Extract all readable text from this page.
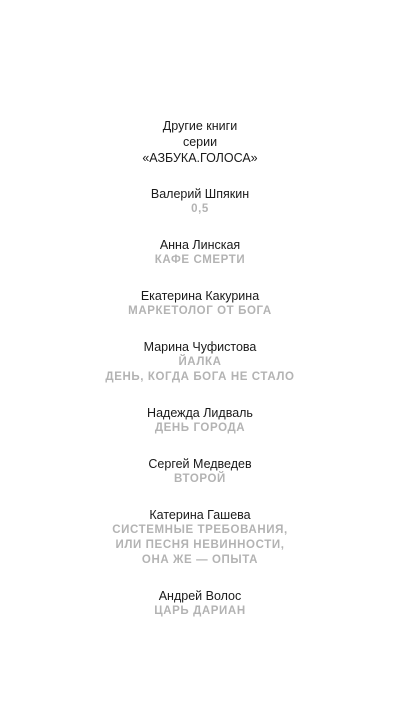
Другие книги
серии
«АЗБУКА.ГОЛОСА»
Валерий Шпякин
0,5
Анна Линская
КАФЕ СМЕРТИ
Екатерина Какурина
МАРКЕТОЛОГ ОТ БОГА
Марина Чуфистова
ЙАЛКА
ДЕНЬ, КОГДА БОГА НЕ СТАЛО
Надежда Лидваль
ДЕНЬ ГОРОДА
Сергей Медведев
ВТОРОЙ
Катерина Гашева
СИСТЕМНЫЕ ТРЕБОВАНИЯ,
ИЛИ ПЕСНЯ НЕВИННОСТИ,
ОНА ЖЕ — ОПЫТА
Андрей Волос
ЦАРЬ ДАРИАН
